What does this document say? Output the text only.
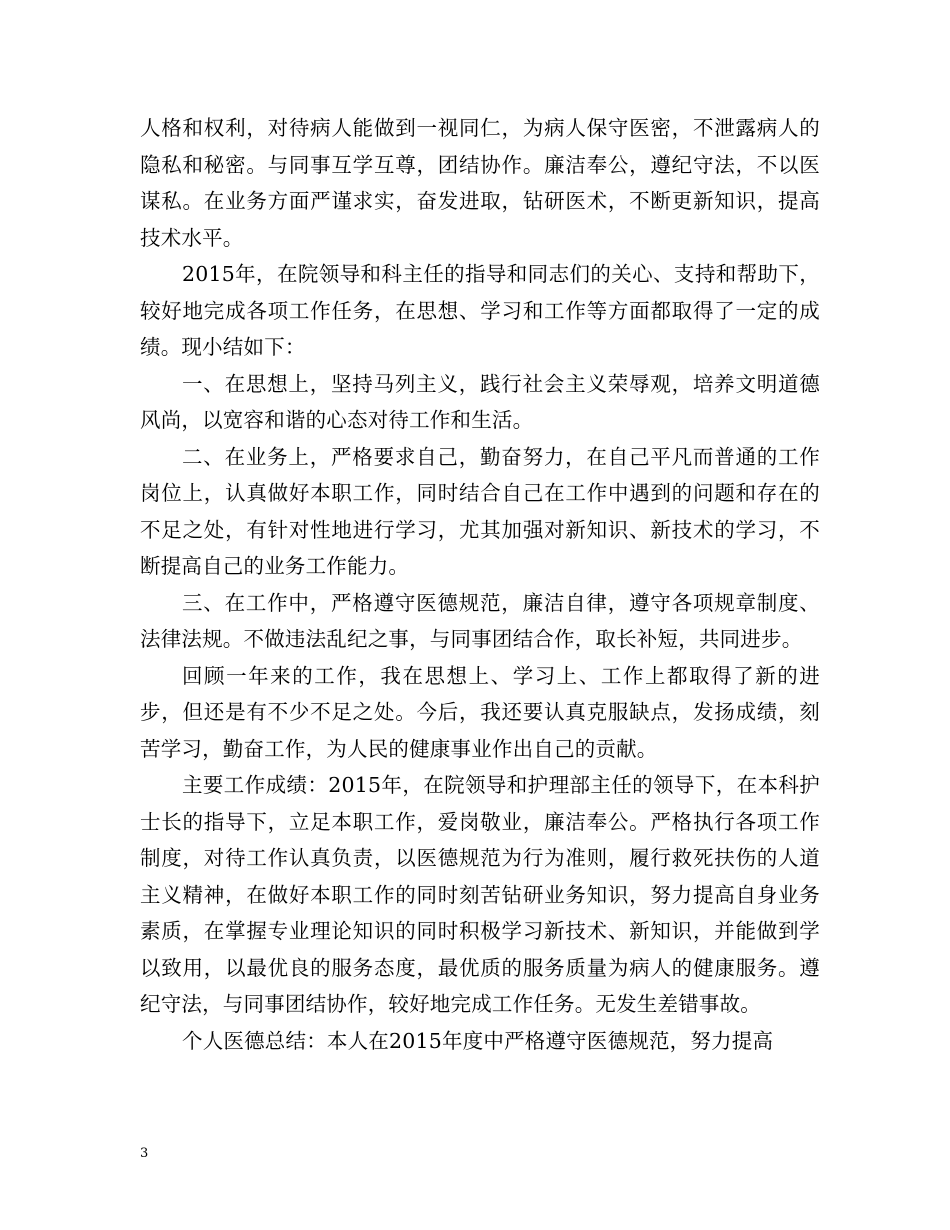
人格和权利，对待病人能做到一视同仁，为病人保守医密，不泄露病人的隐私和秘密。与同事互学互尊，团结协作。廉洁奉公，遵纪守法，不以医谋私。在业务方面严谨求实，奋发进取，钻研医术，不断更新知识，提高技术水平。

2015年，在院领导和科主任的指导和同志们的关心、支持和帮助下，较好地完成各项工作任务，在思想、学习和工作等方面都取得了一定的成绩。现小结如下：

一、在思想上，坚持马列主义，践行社会主义荣辱观，培养文明道德风尚，以宽容和谐的心态对待工作和生活。

二、在业务上，严格要求自己，勤奋努力，在自己平凡而普通的工作岗位上，认真做好本职工作，同时结合自己在工作中遇到的问题和存在的不足之处，有针对性地进行学习，尤其加强对新知识、新技术的学习，不断提高自己的业务工作能力。

三、在工作中，严格遵守医德规范，廉洁自律，遵守各项规章制度、法律法规。不做违法乱纪之事，与同事团结合作，取长补短，共同进步。

回顾一年来的工作，我在思想上、学习上、工作上都取得了新的进步，但还是有不少不足之处。今后，我还要认真克服缺点，发扬成绩，刻苦学习，勤奋工作，为人民的健康事业作出自己的贡献。

主要工作成绩：2015年，在院领导和护理部主任的领导下，在本科护士长的指导下，立足本职工作，爱岗敬业，廉洁奉公。严格执行各项工作制度，对待工作认真负责，以医德规范为行为准则，履行救死扶伤的人道主义精神，在做好本职工作的同时刻苦钻研业务知识，努力提高自身业务素质，在掌握专业理论知识的同时积极学习新技术、新知识，并能做到学以致用，以最优良的服务态度，最优质的服务质量为病人的健康服务。遵纪守法，与同事团结协作，较好地完成工作任务。无发生差错事故。

个人医德总结：本人在2015年度中严格遵守医德规范，努力提高

3
